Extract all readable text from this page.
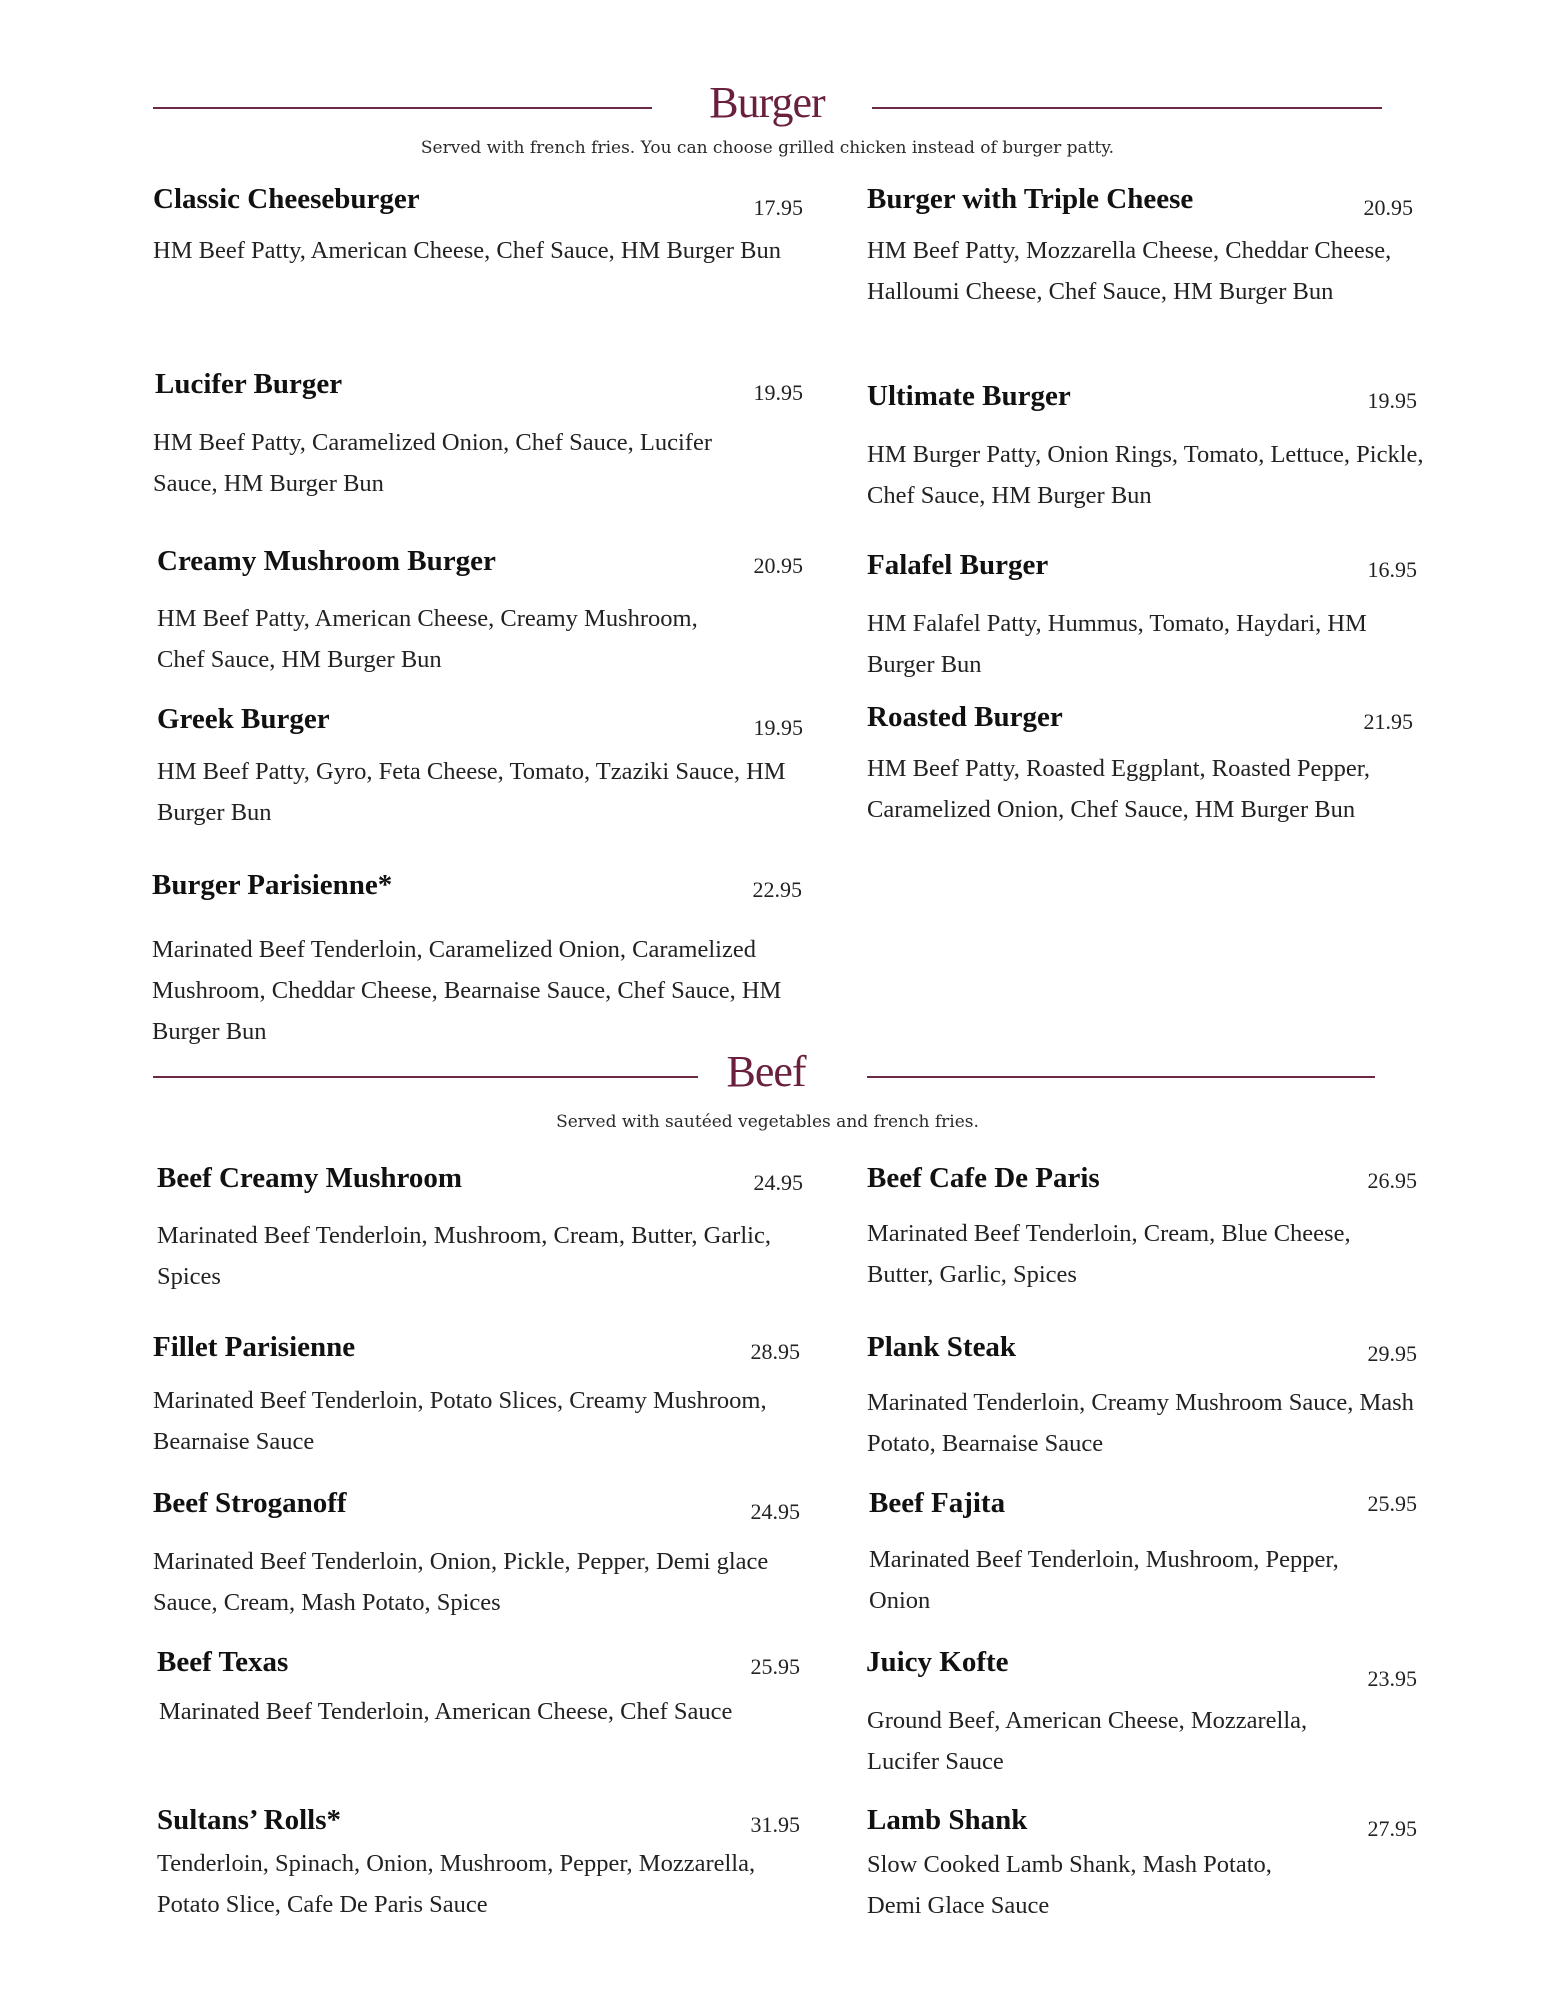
Burger
Served with french fries. You can choose grilled chicken instead of burger patty.
Classic Cheeseburger	17.95
HM Beef Patty, American Cheese, Chef Sauce, HM Burger Bun
Burger with Triple Cheese	20.95
HM Beef Patty, Mozzarella Cheese, Cheddar Cheese, Halloumi Cheese, Chef Sauce, HM Burger Bun
Lucifer Burger	19.95
HM Beef Patty, Caramelized Onion, Chef Sauce, Lucifer Sauce, HM Burger Bun
Ultimate Burger	19.95
HM Burger Patty, Onion Rings, Tomato, Lettuce, Pickle, Chef Sauce, HM Burger Bun
Creamy Mushroom Burger	20.95
HM Beef Patty, American Cheese, Creamy Mushroom, Chef Sauce, HM Burger Bun
Falafel Burger	16.95
HM Falafel Patty, Hummus, Tomato, Haydari, HM Burger Bun
Greek Burger	19.95
HM Beef Patty, Gyro, Feta Cheese, Tomato, Tzaziki Sauce, HM Burger Bun
Roasted Burger	21.95
HM Beef Patty, Roasted Eggplant, Roasted Pepper, Caramelized Onion, Chef Sauce, HM Burger Bun
Burger Parisienne*	22.95
Marinated Beef Tenderloin, Caramelized Onion, Caramelized Mushroom, Cheddar Cheese, Bearnaise Sauce, Chef Sauce, HM Burger Bun
Beef
Served with sautéed vegetables and french fries.
Beef Creamy Mushroom	24.95
Marinated Beef Tenderloin, Mushroom, Cream, Butter, Garlic, Spices
Beef Cafe De Paris	26.95
Marinated Beef Tenderloin, Cream, Blue Cheese, Butter, Garlic, Spices
Fillet Parisienne	28.95
Marinated Beef Tenderloin, Potato Slices, Creamy Mushroom, Bearnaise Sauce
Plank Steak	29.95
Marinated Tenderloin, Creamy Mushroom Sauce, Mash Potato, Bearnaise Sauce
Beef Stroganoff	24.95
Marinated Beef Tenderloin, Onion, Pickle, Pepper, Demi glace Sauce, Cream, Mash Potato, Spices
Beef Fajita	25.95
Marinated Beef Tenderloin, Mushroom, Pepper, Onion
Beef Texas	25.95
Marinated Beef Tenderloin, American Cheese, Chef Sauce
Juicy Kofte
23.95
Ground Beef, American Cheese, Mozzarella, Lucifer Sauce
Sultans’ Rolls*	31.95
Tenderloin, Spinach, Onion, Mushroom, Pepper, Mozzarella, Potato Slice, Cafe De Paris Sauce
Lamb Shank	27.95
Slow Cooked Lamb Shank, Mash Potato, Demi Glace Sauce
